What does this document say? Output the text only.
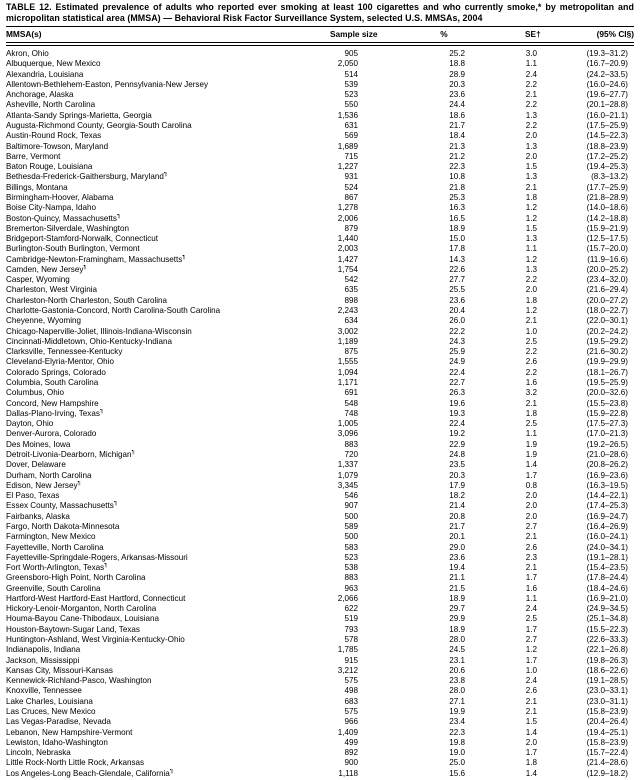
TABLE 12. Estimated prevalence of adults who reported ever smoking at least 100 cigarettes and who currently smoke,* by metropolitan and micropolitan statistical area (MMSA) — Behavioral Risk Factor Surveillance System, selected U.S. MMSAs, 2004
MMSA(s)	Sample size	%	SE†	(95% CI§)

Akron, Ohio	905	25.2	3.0	(19.3–31.2)
Albuquerque, New Mexico	2,050	18.8	1.1	(16.7–20.9)
Alexandria, Louisiana	514	28.9	2.4	(24.2–33.5)
Allentown-Bethlehem-Easton, Pennsylvania-New Jersey	539	20.3	2.2	(16.0–24.6)
Anchorage, Alaska	523	23.6	2.1	(19.6–27.7)
Asheville, North Carolina	550	24.4	2.2	(20.1–28.8)
Atlanta-Sandy Springs-Marietta, Georgia	1,536	18.6	1.3	(16.0–21.1)
Augusta-Richmond County, Georgia-South Carolina	631	21.7	2.2	(17.5–25.9)
Austin-Round Rock, Texas	569	18.4	2.0	(14.5–22.3)
Baltimore-Towson, Maryland	1,689	21.3	1.3	(18.8–23.9)
Barre, Vermont	715	21.2	2.0	(17.2–25.2)
Baton Rouge, Louisiana	1,227	22.3	1.5	(19.4–25.3)
Bethesda-Frederick-Gaithersburg, Maryland¶	931	10.8	1.3	(8.3–13.2)
Billings, Montana	524	21.8	2.1	(17.7–25.9)
Birmingham-Hoover, Alabama	867	25.3	1.8	(21.8–28.9)
Boise City-Nampa, Idaho	1,278	16.3	1.2	(14.0–18.6)
Boston-Quincy, Massachusetts¶	2,006	16.5	1.2	(14.2–18.8)
Bremerton-Silverdale, Washington	879	18.9	1.5	(15.9–21.9)
Bridgeport-Stamford-Norwalk, Connecticut	1,440	15.0	1.3	(12.5–17.5)
Burlington-South Burlington, Vermont	2,003	17.8	1.1	(15.7–20.0)
Cambridge-Newton-Framingham, Massachusetts¶	1,427	14.3	1.2	(11.9–16.6)
Camden, New Jersey¶	1,754	22.6	1.3	(20.0–25.2)
Casper, Wyoming	542	27.7	2.2	(23.4–32.0)
Charleston, West Virginia	635	25.5	2.0	(21.6–29.4)
Charleston-North Charleston, South Carolina	898	23.6	1.8	(20.0–27.2)
Charlotte-Gastonia-Concord, North Carolina-South Carolina	2,243	20.4	1.2	(18.0–22.7)
Cheyenne, Wyoming	634	26.0	2.1	(22.0–30.1)
Chicago-Naperville-Joliet, Illinois-Indiana-Wisconsin	3,002	22.2	1.0	(20.2–24.2)
Cincinnati-Middletown, Ohio-Kentucky-Indiana	1,189	24.3	2.5	(19.5–29.2)
Clarksville, Tennessee-Kentucky	875	25.9	2.2	(21.6–30.2)
Cleveland-Elyria-Mentor, Ohio	1,555	24.9	2.6	(19.9–29.9)
Colorado Springs, Colorado	1,094	22.4	2.2	(18.1–26.7)
Columbia, South Carolina	1,171	22.7	1.6	(19.5–25.9)
Columbus, Ohio	691	26.3	3.2	(20.0–32.6)
Concord, New Hampshire	548	19.6	2.1	(15.5–23.8)
Dallas-Plano-Irving, Texas¶	748	19.3	1.8	(15.9–22.8)
Dayton, Ohio	1,005	22.4	2.5	(17.5–27.3)
Denver-Aurora, Colorado	3,096	19.2	1.1	(17.0–21.3)
Des Moines, Iowa	883	22.9	1.9	(19.2–26.5)
Detroit-Livonia-Dearborn, Michigan¶	720	24.8	1.9	(21.0–28.6)
Dover, Delaware	1,337	23.5	1.4	(20.8–26.2)
Durham, North Carolina	1,079	20.3	1.7	(16.9–23.6)
Edison, New Jersey¶	3,345	17.9	0.8	(16.3–19.5)
El Paso, Texas	546	18.2	2.0	(14.4–22.1)
Essex County, Massachusetts¶	907	21.4	2.0	(17.4–25.3)
Fairbanks, Alaska	500	20.8	2.0	(16.9–24.7)
Fargo, North Dakota-Minnesota	589	21.7	2.7	(16.4–26.9)
Farmington, New Mexico	500	20.1	2.1	(16.0–24.1)
Fayetteville, North Carolina	583	29.0	2.6	(24.0–34.1)
Fayetteville-Springdale-Rogers, Arkansas-Missouri	523	23.6	2.3	(19.1–28.1)
Fort Worth-Arlington, Texas¶	538	19.4	2.1	(15.4–23.5)
Greensboro-High Point, North Carolina	883	21.1	1.7	(17.8–24.4)
Greenville, South Carolina	963	21.5	1.6	(18.4–24.6)
Hartford-West Hartford-East Hartford, Connecticut	2,066	18.9	1.1	(16.9–21.0)
Hickory-Lenoir-Morganton, North Carolina	622	29.7	2.4	(24.9–34.5)
Houma-Bayou Cane-Thibodaux, Louisiana	519	29.9	2.5	(25.1–34.8)
Houston-Baytown-Sugar Land, Texas	793	18.9	1.7	(15.5–22.3)
Huntington-Ashland, West Virginia-Kentucky-Ohio	578	28.0	2.7	(22.6–33.3)
Indianapolis, Indiana	1,785	24.5	1.2	(22.1–26.8)
Jackson, Mississippi	915	23.1	1.7	(19.8–26.3)
Kansas City, Missouri-Kansas	3,212	20.6	1.0	(18.6–22.6)
Kennewick-Richland-Pasco, Washington	575	23.8	2.4	(19.1–28.5)
Knoxville, Tennessee	498	28.0	2.6	(23.0–33.1)
Lake Charles, Louisiana	683	27.1	2.1	(23.0–31.1)
Las Cruces, New Mexico	575	19.9	2.1	(15.8–23.9)
Las Vegas-Paradise, Nevada	966	23.4	1.5	(20.4–26.4)
Lebanon, New Hampshire-Vermont	1,409	22.3	1.4	(19.4–25.1)
Lewiston, Idaho-Washington	499	19.8	2.0	(15.8–23.9)
Lincoln, Nebraska	892	19.0	1.7	(15.7–22.4)
Little Rock-North Little Rock, Arkansas	900	25.0	1.8	(21.4–28.6)
Los Angeles-Long Beach-Glendale, California¶	1,118	15.6	1.4	(12.9–18.2)
